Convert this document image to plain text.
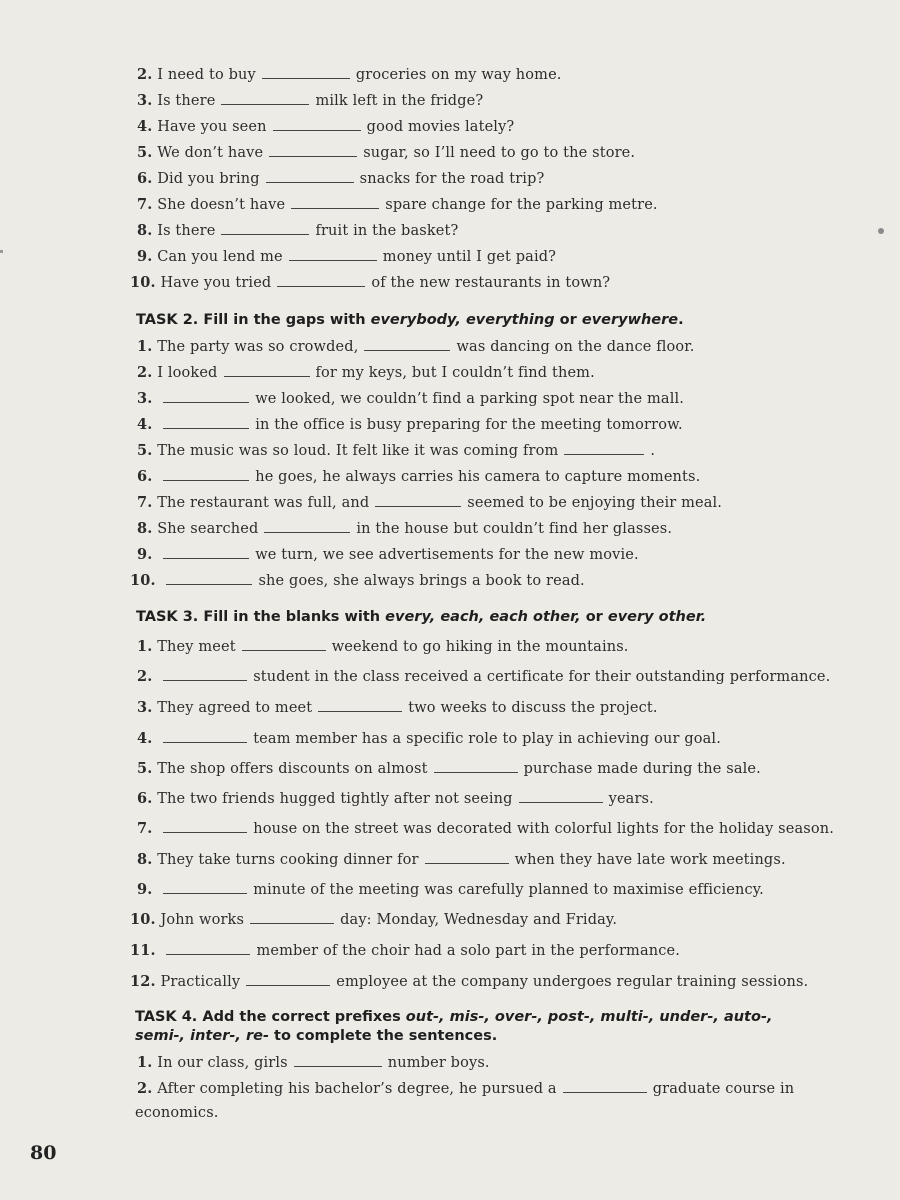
2. I need to buy	groceries on my way home.
3. Is there	milk left in the fridge?
4. Have you seen	good movies lately?
5. We don’t have	sugar, so I’ll need to go to the store.
6. Did you bring	snacks for the road trip?
7. She doesn’t have	spare change for the parking metre.
8. Is there	fruit in the basket?
9. Can you lend me	money until I get paid?
10. Have you tried	of the new restaurants in town?
TASK 2. Fill in the gaps with everybody, everything or everywhere.
1. The party was so crowded,	was dancing on the dance floor.
2. I looked	for my keys, but I couldn’t find them.
3.	we looked, we couldn’t find a parking spot near the mall.
4.	in the office is busy preparing for the meeting tomorrow.
5. The music was so loud. It felt like it was coming from	.
6.	he goes, he always carries his camera to capture moments.
7. The restaurant was full, and	seemed to be enjoying their meal.
8. She searched	in the house but couldn’t find her glasses.
9.	we turn, we see advertisements for the new movie.
10.	she goes, she always brings a book to read.
TASK 3. Fill in the blanks with every, each, each other, or every other.
1. They meet	weekend to go hiking in the mountains.
2.	student in the class received a certificate for their outstanding performance.
3. They agreed to meet	two weeks to discuss the project.
4.	team member has a specific role to play in achieving our goal.
5. The shop offers discounts on almost	purchase made during the sale.
6. The two friends hugged tightly after not seeing	years.
7.	house on the street was decorated with colorful lights for the holiday season.
8. They take turns cooking dinner for	when they have late work meetings.
9.	minute of the meeting was carefully planned to maximise efficiency.
10. John works	day: Monday, Wednesday and Friday.
11.	member of the choir had a solo part in the performance.
12. Practically	employee at the company undergoes regular training sessions.
TASK 4. Add the correct prefixes out-, mis-, over-, post-, multi-, under-, auto-,
semi-, inter-, re- to complete the sentences.
1. In our class, girls	number boys.
2. After completing his bachelor’s degree, he pursued a	graduate course in
economics.
80
